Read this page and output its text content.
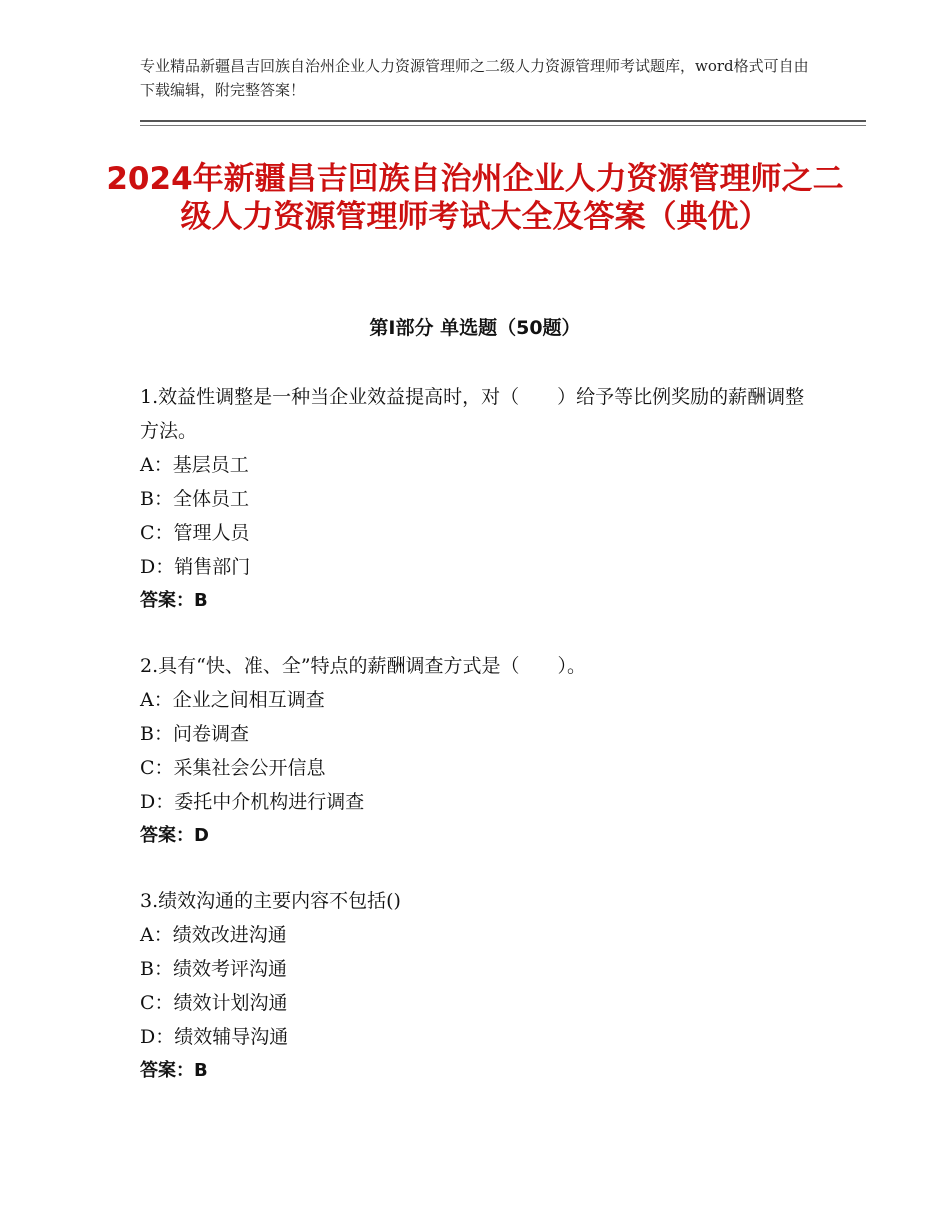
专业精品新疆昌吉回族自治州企业人力资源管理师之二级人力资源管理师考试题库，word格式可自由下载编辑，附完整答案！
2024年新疆昌吉回族自治州企业人力资源管理师之二级人力资源管理师考试大全及答案（典优）
第Ⅰ部分 单选题（50题）
1.效益性调整是一种当企业效益提高时，对（　　）给予等比例奖励的薪酬调整方法。
A：基层员工
B：全体员工
C：管理人员
D：销售部门
答案：B
2.具有“快、准、全”特点的薪酬调查方式是（　　）。
A：企业之间相互调查
B：问卷调查
C：采集社会公开信息
D：委托中介机构进行调查
答案：D
3.绩效沟通的主要内容不包括()
A：绩效改进沟通
B：绩效考评沟通
C：绩效计划沟通
D：绩效辅导沟通
答案：B
